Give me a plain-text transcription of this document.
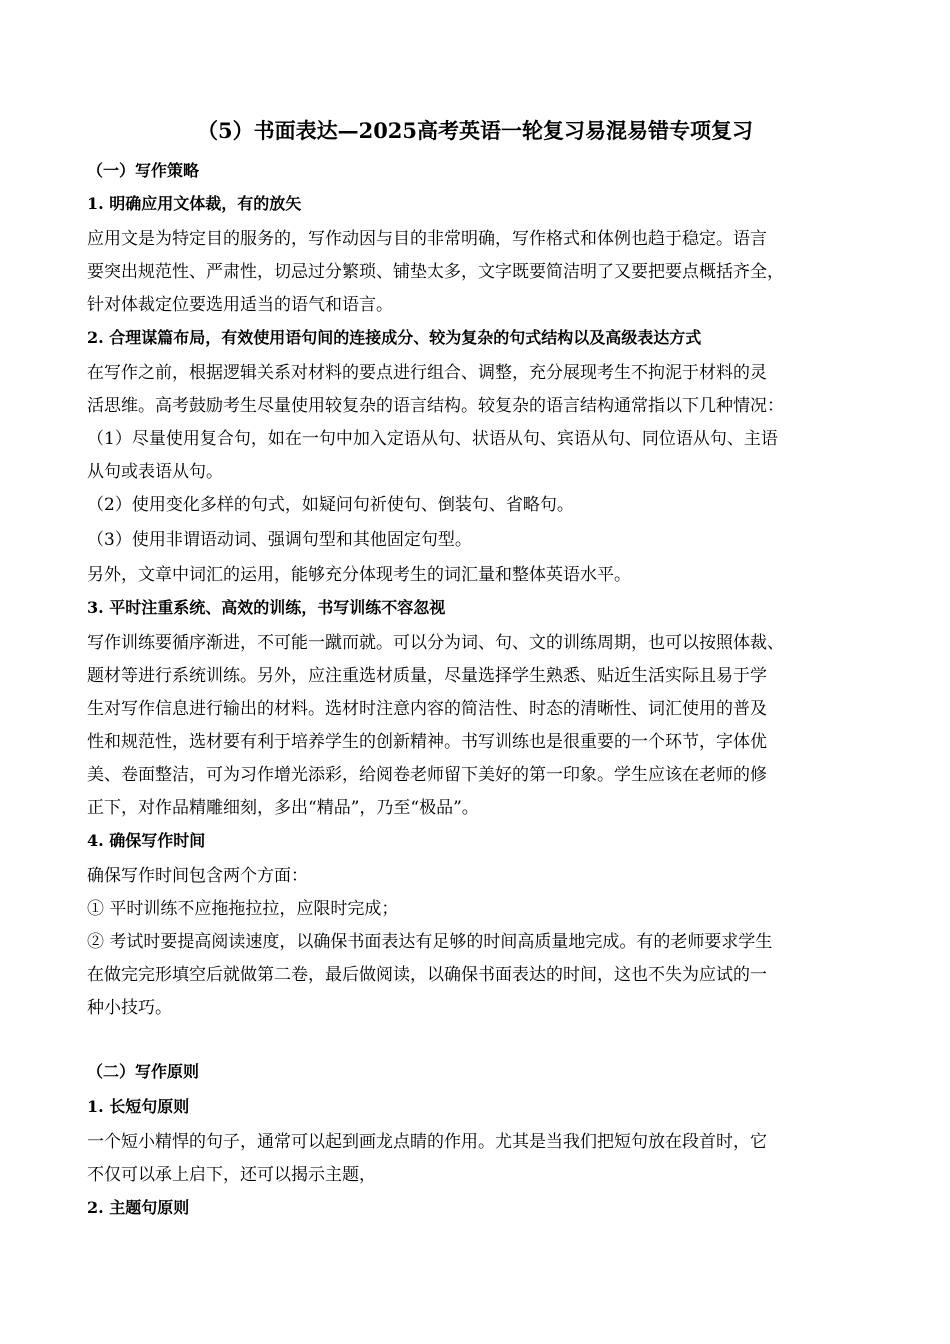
（5）书面表达—2025高考英语一轮复习易混易错专项复习
（一）写作策略
1. 明确应用文体裁，有的放矢
应用文是为特定目的服务的，写作动因与目的非常明确，写作格式和体例也趋于稳定。语言
要突出规范性、严肃性，切忌过分繁琐、铺垫太多，文字既要简洁明了又要把要点概括齐全，
针对体裁定位要选用适当的语气和语言。
2. 合理谋篇布局，有效使用语句间的连接成分、较为复杂的句式结构以及高级表达方式
在写作之前，根据逻辑关系对材料的要点进行组合、调整，充分展现考生不拘泥于材料的灵
活思维。高考鼓励考生尽量使用较复杂的语言结构。较复杂的语言结构通常指以下几种情况：
（1）尽量使用复合句，如在一句中加入定语从句、状语从句、宾语从句、同位语从句、主语
从句或表语从句。
（2）使用变化多样的句式，如疑问句祈使句、倒装句、省略句。
（3）使用非谓语动词、强调句型和其他固定句型。
另外，文章中词汇的运用，能够充分体现考生的词汇量和整体英语水平。
3. 平时注重系统、高效的训练，书写训练不容忽视
写作训练要循序渐进，不可能一蹴而就。可以分为词、句、文的训练周期，也可以按照体裁、
题材等进行系统训练。另外，应注重选材质量，尽量选择学生熟悉、贴近生活实际且易于学
生对写作信息进行输出的材料。选材时注意内容的简洁性、时态的清晰性、词汇使用的普及
性和规范性，选材要有利于培养学生的创新精神。书写训练也是很重要的一个环节，字体优
美、卷面整洁，可为习作增光添彩，给阅卷老师留下美好的第一印象。学生应该在老师的修
正下，对作品精雕细刻，多出“精品”，乃至“极品”。
4. 确保写作时间
确保写作时间包含两个方面：
① 平时训练不应拖拖拉拉，应限时完成；
② 考试时要提高阅读速度，以确保书面表达有足够的时间高质量地完成。有的老师要求学生
在做完完形填空后就做第二卷，最后做阅读，以确保书面表达的时间，这也不失为应试的一
种小技巧。
（二）写作原则
1. 长短句原则
一个短小精悍的句子，通常可以起到画龙点睛的作用。尤其是当我们把短句放在段首时，它
不仅可以承上启下，还可以揭示主题，
2. 主题句原则
